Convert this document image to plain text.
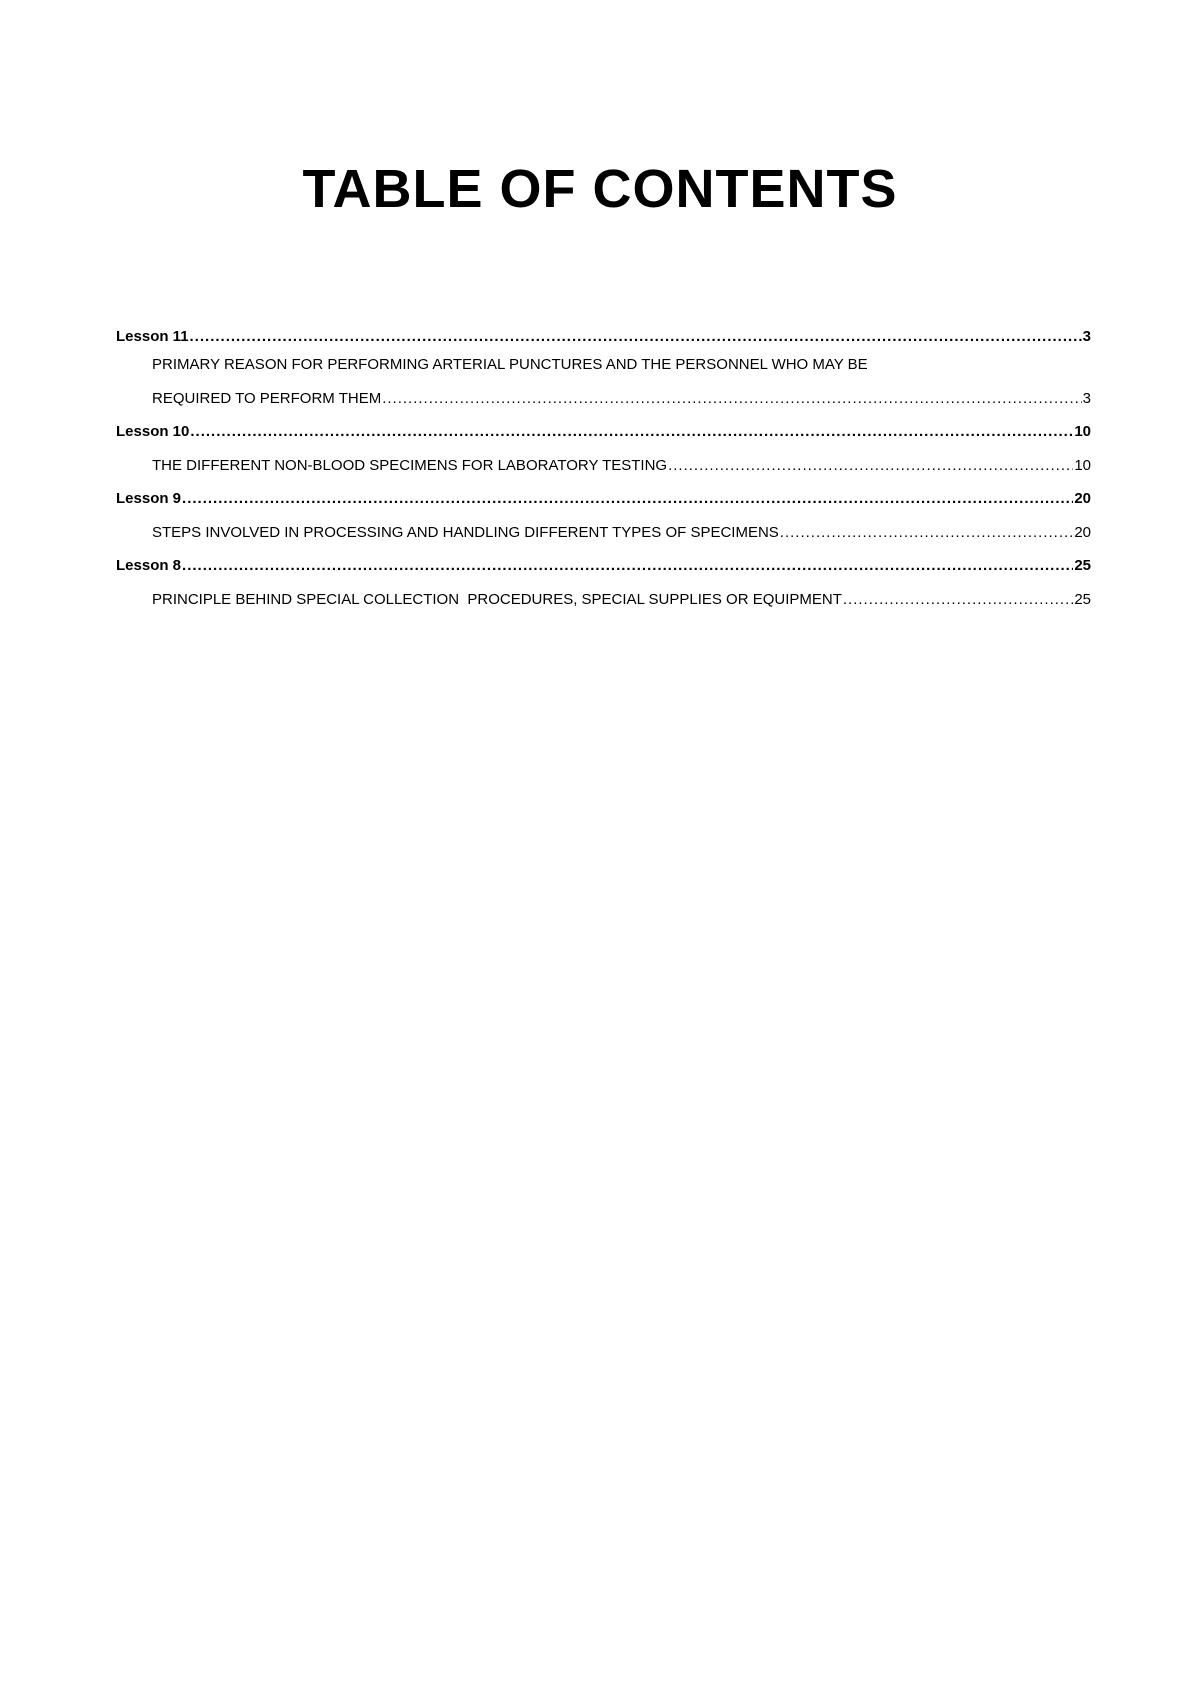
TABLE OF CONTENTS
Lesson 11 .....	3
PRIMARY REASON FOR PERFORMING ARTERIAL PUNCTURES AND THE PERSONNEL WHO MAY BE
REQUIRED TO PERFORM THEM .....	3
Lesson 10 .....	10
THE DIFFERENT NON-BLOOD SPECIMENS FOR LABORATORY TESTING .....	10
Lesson 9 .....	20
STEPS INVOLVED IN PROCESSING AND HANDLING DIFFERENT TYPES OF SPECIMENS .....	20
Lesson 8 .....	25
PRINCIPLE BEHIND SPECIAL COLLECTION  PROCEDURES, SPECIAL SUPPLIES OR EQUIPMENT .....	25
